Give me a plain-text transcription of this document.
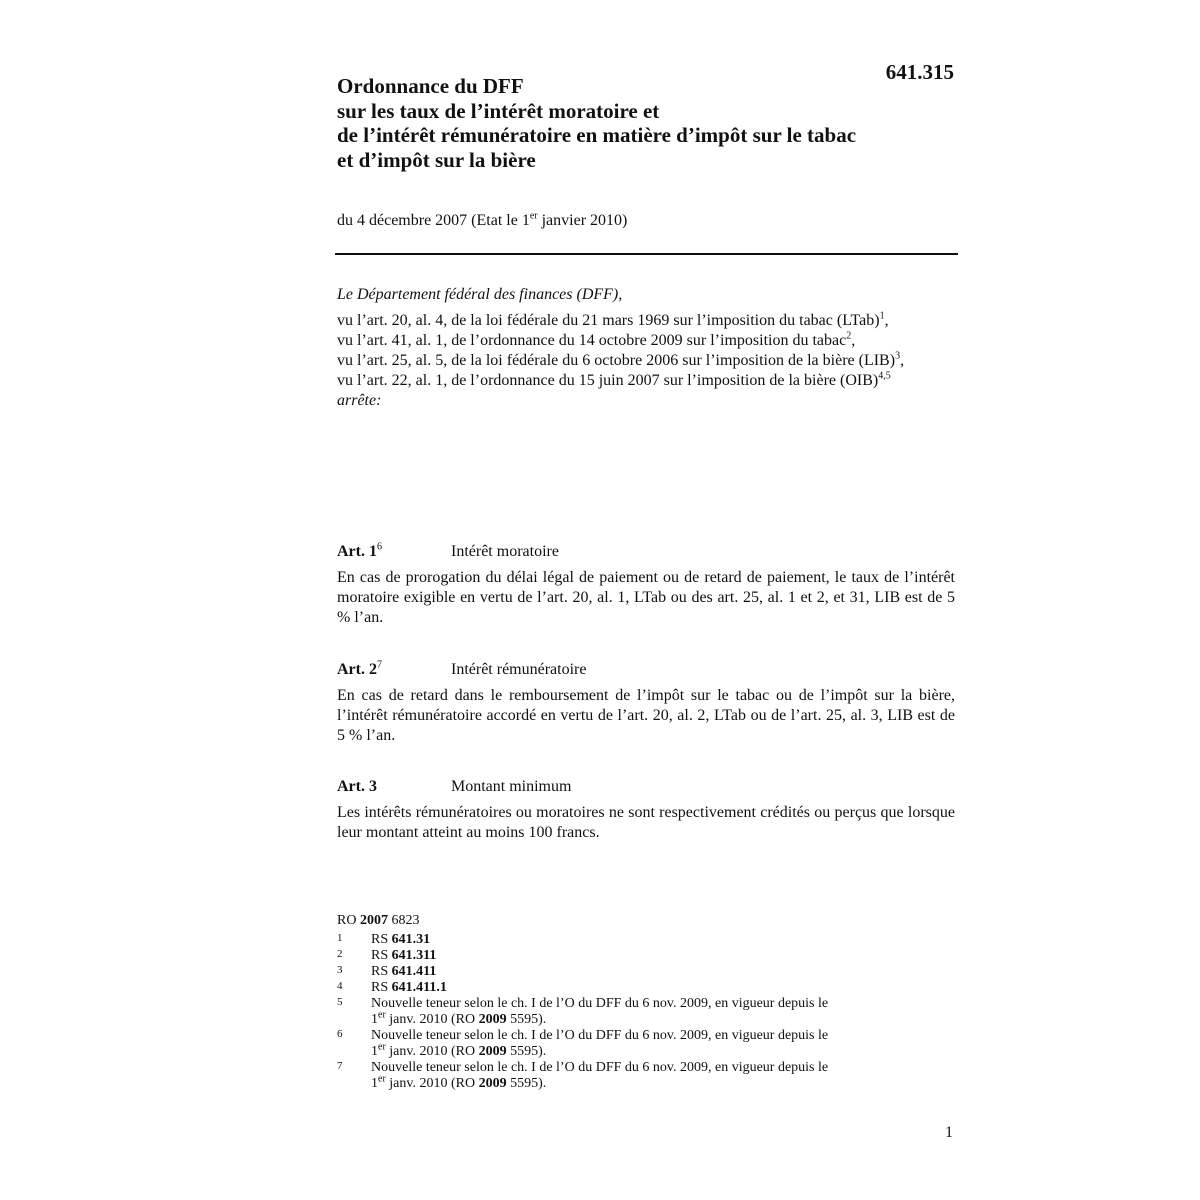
641.315
Ordonnance du DFF
sur les taux de l’intérêt moratoire et
de l’intérêt rémunératoire en matière d’impôt sur le tabac
et d’impôt sur la bière
du 4 décembre 2007 (Etat le 1er janvier 2010)
Le Département fédéral des finances (DFF),
vu l’art. 20, al. 4, de la loi fédérale du 21 mars 1969 sur l’imposition du tabac (LTab)$^1$,
vu l’art. 41, al. 1, de l’ordonnance du 14 octobre 2009 sur l’imposition du tabac$^2$,
vu l’art. 25, al. 5, de la loi fédérale du 6 octobre 2006 sur l’imposition de la bière (LIB)$^3$,
vu l’art. 22, al. 1, de l’ordonnance du 15 juin 2007 sur l’imposition de la bière (OIB)$^{4,5}$
arrête:
Art. $1^6$	Intérêt moratoire
En cas de prorogation du délai légal de paiement ou de retard de paiement, le taux de l’intérêt moratoire exigible en vertu de l’art. 20, al. 1, LTab ou des art. 25, al. 1 et 2, et 31, LIB est de 5 % l’an.
Art. $2^7$	Intérêt rémunératoire
En cas de retard dans le remboursement de l’impôt sur le tabac ou de l’impôt sur la bière, l’intérêt rémunératoire accordé en vertu de l’art. 20, al. 2, LTab ou de l’art. 25, al. 3, LIB est de 5 % l’an.
Art. 3	Montant minimum
Les intérêts rémunératoires ou moratoires ne sont respectivement crédités ou perçus que lorsque leur montant atteint au moins 100 francs.
RO 2007 6823
1 RS 641.31
2 RS 641.311
3 RS 641.411
4 RS 641.411.1
5 Nouvelle teneur selon le ch. I de l’O du DFF du 6 nov. 2009, en vigueur depuis le
1er janv. 2010 (RO 2009 5595).
6 Nouvelle teneur selon le ch. I de l’O du DFF du 6 nov. 2009, en vigueur depuis le
1er janv. 2010 (RO 2009 5595).
7 Nouvelle teneur selon le ch. I de l’O du DFF du 6 nov. 2009, en vigueur depuis le
1er janv. 2010 (RO 2009 5595).
1
